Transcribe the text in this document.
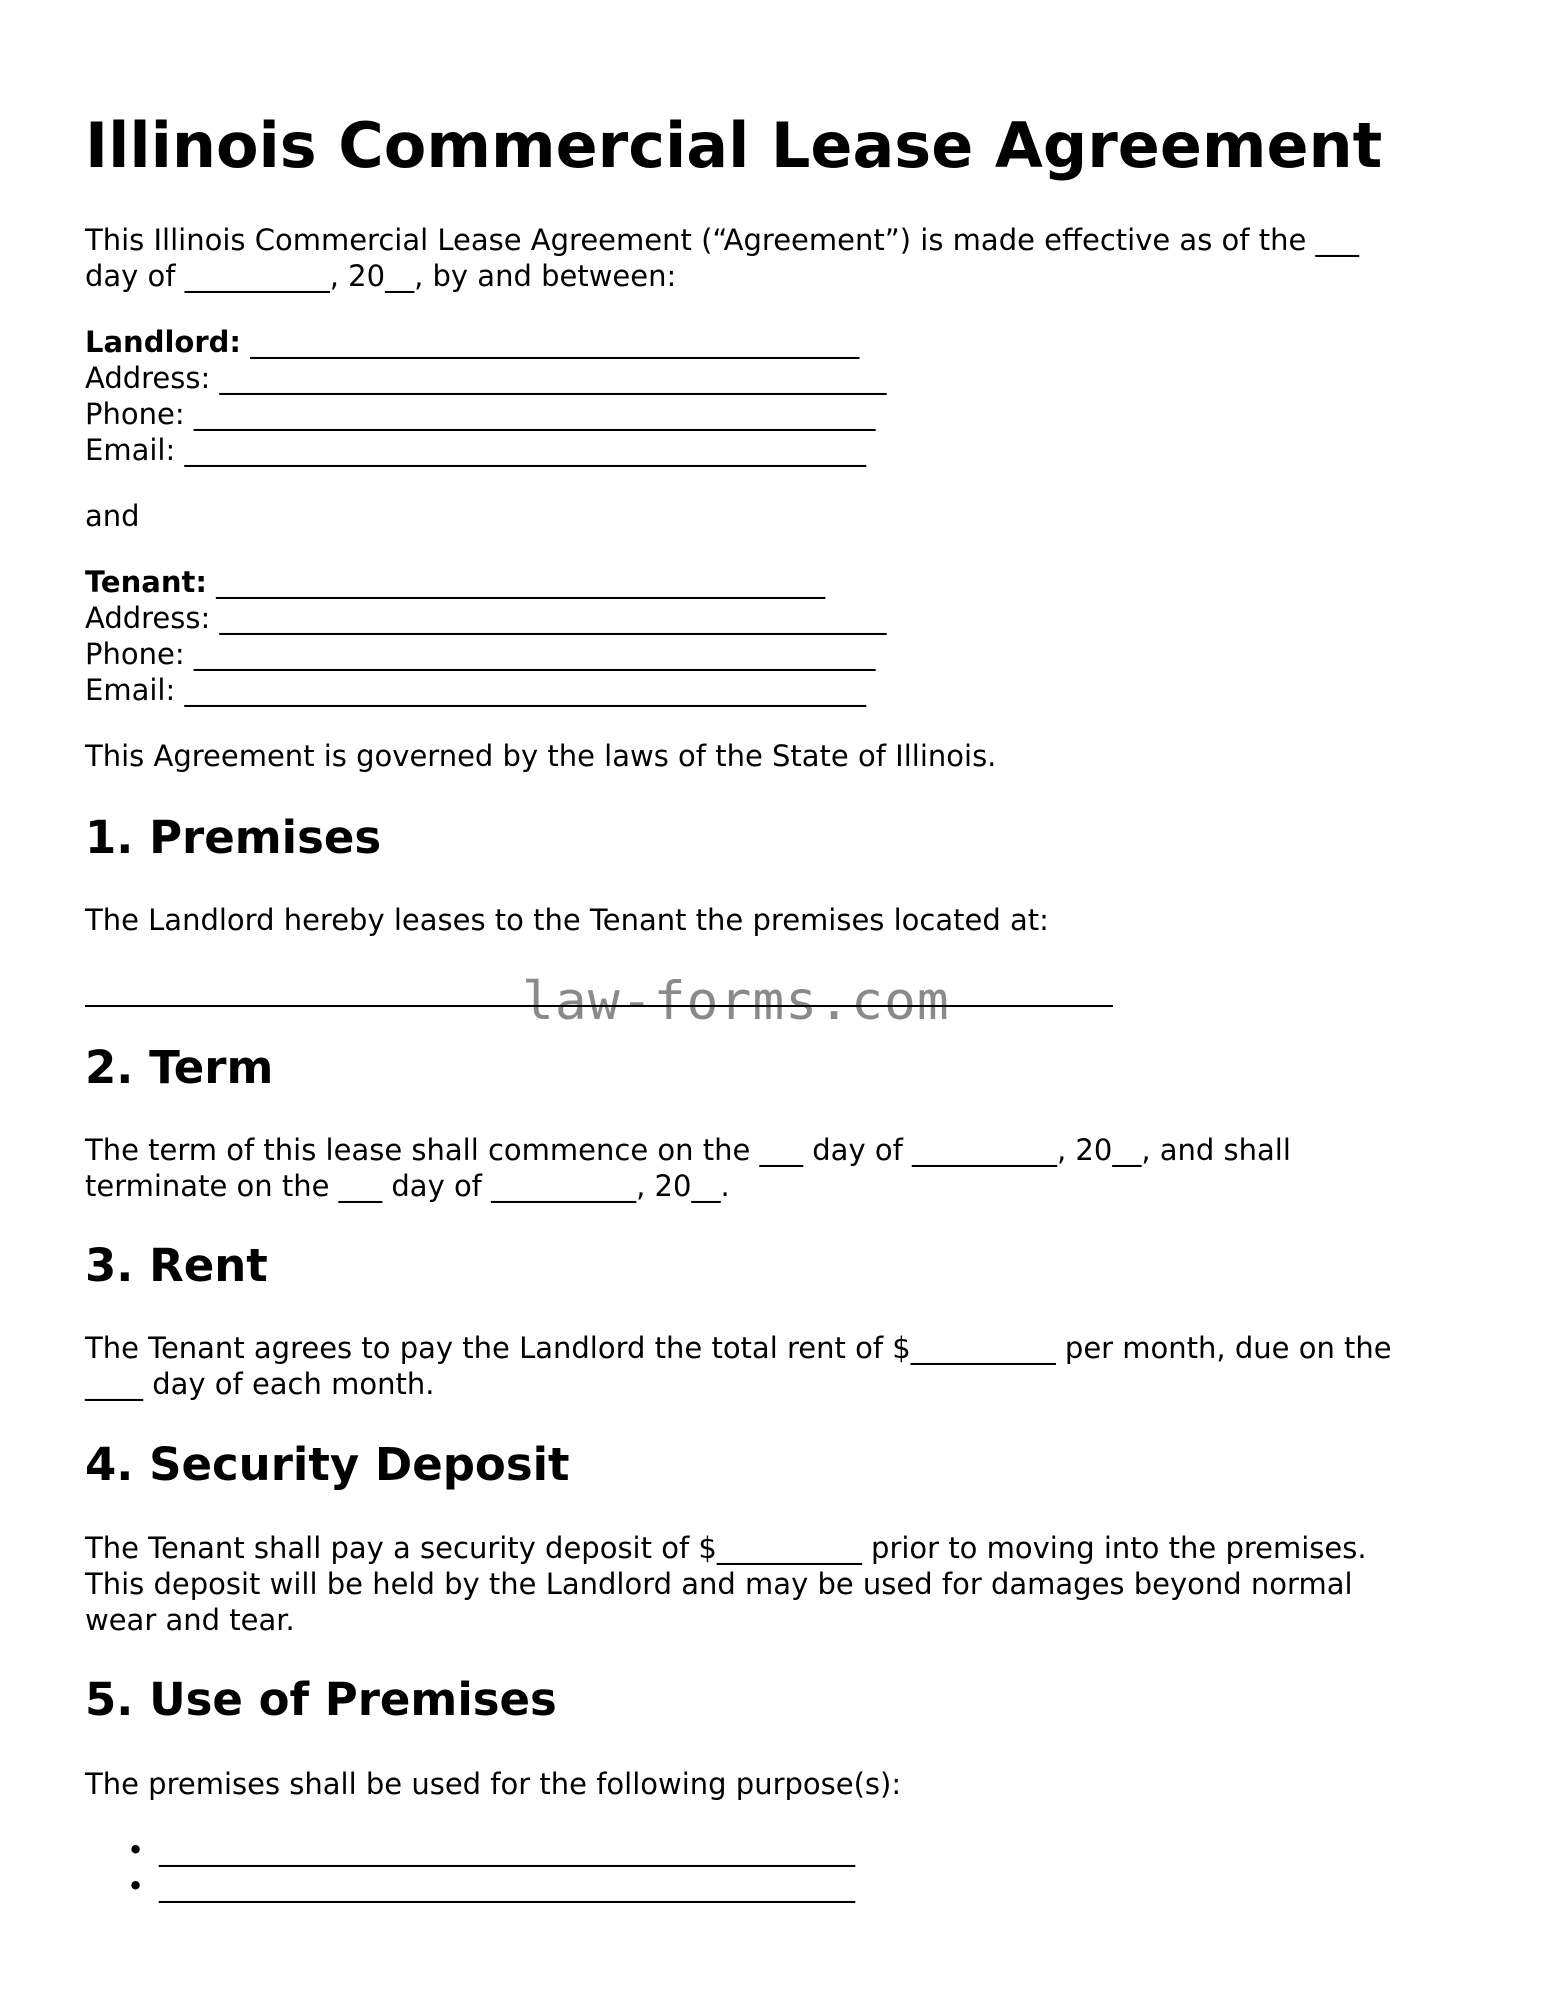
Illinois Commercial Lease Agreement

This Illinois Commercial Lease Agreement (“Agreement”) is made effective as of the ___

day of __________, 20__, by and between:

Landlord: __________________________________________

Address: ______________________________________________

Phone: _______________________________________________

Email: _______________________________________________

and

Tenant: __________________________________________

Address: ______________________________________________

Phone: _______________________________________________

Email: _______________________________________________

This Agreement is governed by the laws of the State of Illinois.

1. Premises

The Landlord hereby leases to the Tenant the premises located at:

law-forms.com
2. Term

The term of this lease shall commence on the ___ day of __________, 20__, and shall

terminate on the ___ day of __________, 20__.

3. Rent

The Tenant agrees to pay the Landlord the total rent of $__________ per month, due on the

____ day of each month.

4. Security Deposit

The Tenant shall pay a security deposit of $__________ prior to moving into the premises.

This deposit will be held by the Landlord and may be used for damages beyond normal

wear and tear.

5. Use of Premises

The premises shall be used for the following purpose(s):

•

________________________________________________

•

________________________________________________
